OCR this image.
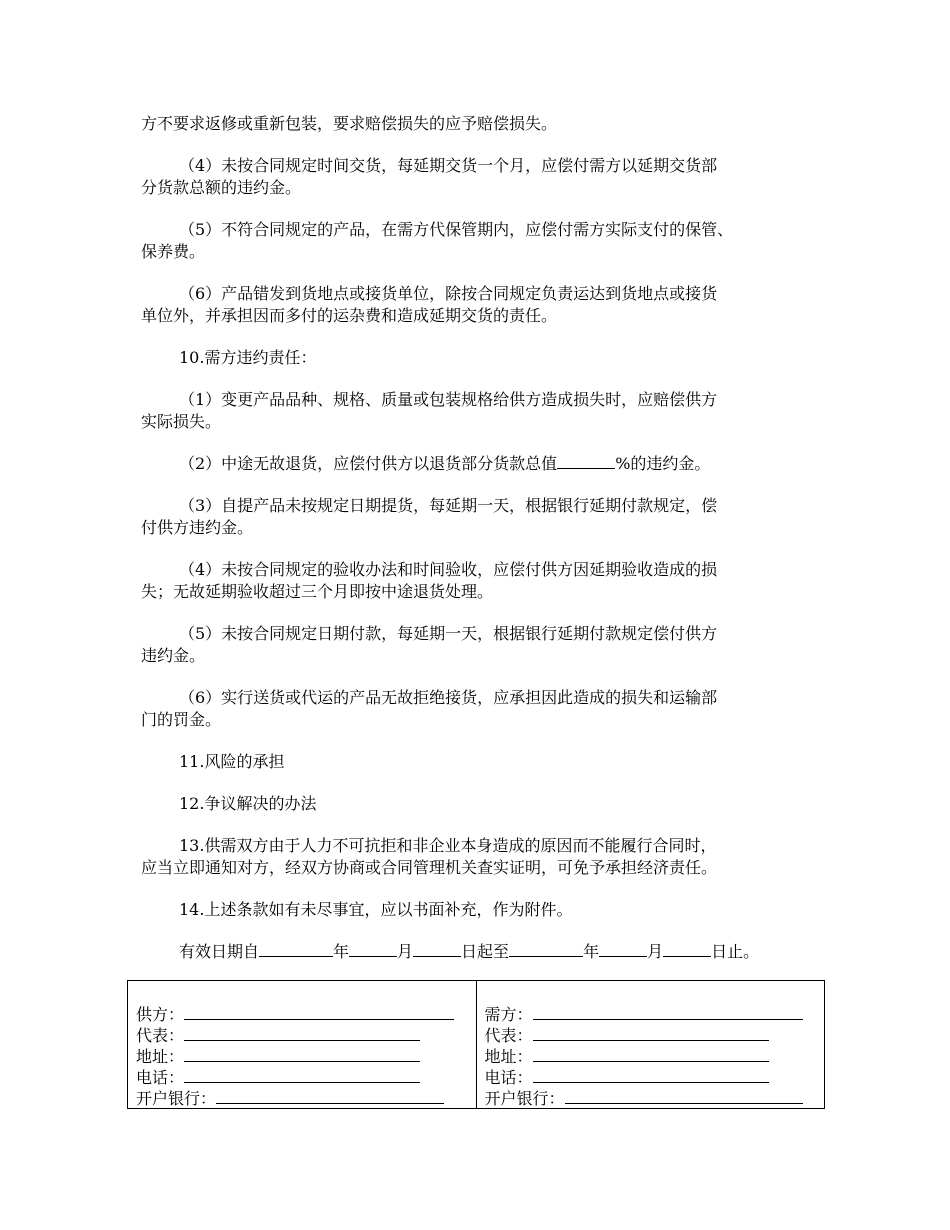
方不要求返修或重新包装，要求赔偿损失的应予赔偿损失。
（4）未按合同规定时间交货，每延期交货一个月，应偿付需方以延期交货部
分货款总额的违约金。
（5）不符合同规定的产品，在需方代保管期内，应偿付需方实际支付的保管、
保养费。
（6）产品错发到货地点或接货单位，除按合同规定负责运达到货地点或接货
单位外，并承担因而多付的运杂费和造成延期交货的责任。
10.需方违约责任：
（1）变更产品品种、规格、质量或包装规格给供方造成损失时，应赔偿供方
实际损失。
（2）中途无故退货，应偿付供方以退货部分货款总值	%的违约金。
（3）自提产品未按规定日期提货，每延期一天，根据银行延期付款规定，偿
付供方违约金。
（4）未按合同规定的验收办法和时间验收，应偿付供方因延期验收造成的损
失；无故延期验收超过三个月即按中途退货处理。
（5）未按合同规定日期付款，每延期一天，根据银行延期付款规定偿付供方
违约金。
（6）实行送货或代运的产品无故拒绝接货，应承担因此造成的损失和运输部
门的罚金。
11.风险的承担
12.争议解决的办法
13.供需双方由于人力不可抗拒和非企业本身造成的原因而不能履行合同时，
应当立即通知对方，经双方协商或合同管理机关查实证明，可免予承担经济责任。
14.上述条款如有未尽事宜，应以书面补充，作为附件。
有效日期自	年	月	日起至	年	月	日止。
供方：
代表：
地址：
电话：
开户银行：

需方：
代表：
地址：
电话：
开户银行：
